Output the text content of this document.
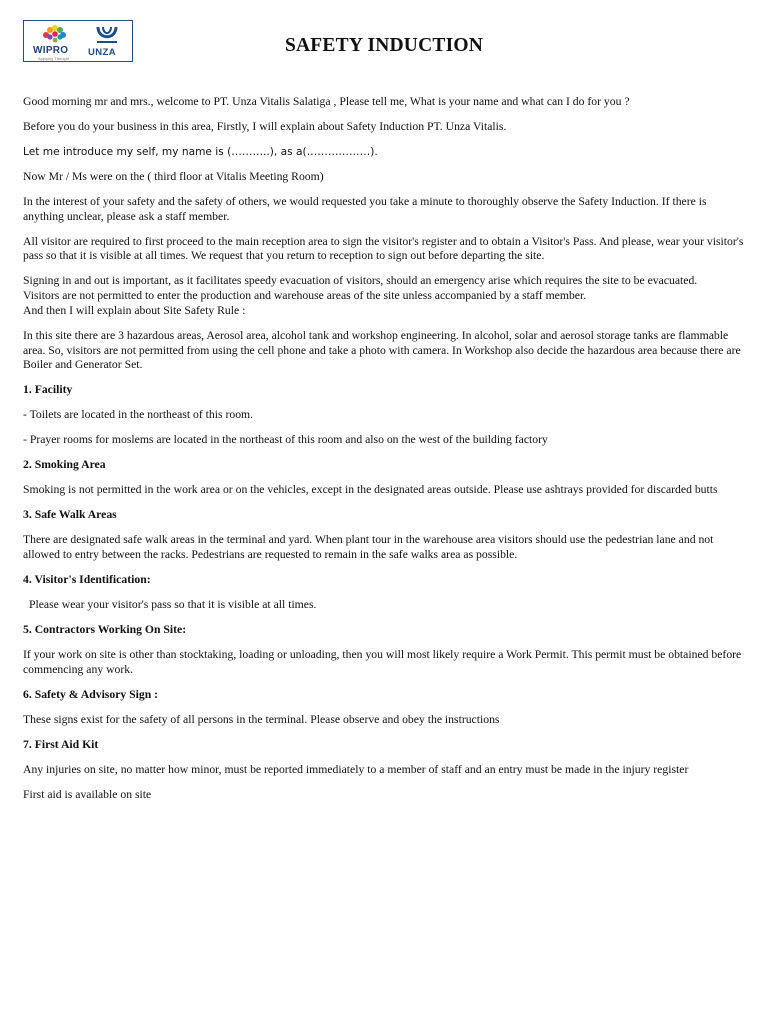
WIPRO
Applying Thought
UNZA	SAFETY INDUCTION

Good morning mr and mrs., welcome to PT. Unza Vitalis Salatiga , Please tell me, What is your name and what can I do for you ?

Before you do your business in this area, Firstly, I will explain about Safety Induction PT. Unza Vitalis.

Let me introduce my self, my name is (………..), as a(………………).

Now Mr / Ms were on the ( third floor at Vitalis Meeting Room)

In the interest of your safety and the safety of others, we would requested you take a minute to thoroughly observe the Safety Induction. If there is anything unclear, please ask a staff member.

All visitor are required to first proceed to the main reception area to sign the visitor's register and to obtain a Visitor's Pass. And please, wear your visitor's pass so that it is visible at all times. We request that you return to reception to sign out before departing the site.

Signing in and out is important, as it facilitates speedy evacuation of visitors, should an emergency arise which requires the site to be evacuated.

Visitors are not permitted to enter the production and warehouse areas of the site unless accompanied by a staff member.

And then I will explain about Site Safety Rule :

In this site there are 3 hazardous areas, Aerosol area, alcohol tank and workshop engineering. In alcohol, solar and aerosol storage tanks are flammable area. So, visitors are not permitted from using the cell phone and take a photo with camera. In Workshop also decide the hazardous area because there are Boiler and Generator Set.

1. Facility

- Toilets are located in the northeast of this room.

- Prayer rooms for moslems are located in the northeast of this room and also on the west of the building factory

2. Smoking Area

Smoking is not permitted in the work area or on the vehicles, except in the designated areas outside. Please use ashtrays provided for discarded butts

3. Safe Walk Areas

There are designated safe walk areas in the terminal and yard. When plant tour in the warehouse area visitors should use the pedestrian lane and not allowed to entry between the racks. Pedestrians are requested to remain in the safe walks area as possible.

4. Visitor's Identification:

Please wear your visitor's pass so that it is visible at all times.

5. Contractors Working On Site:

If your work on site is other than stocktaking, loading or unloading, then you will most likely require a Work Permit. This permit must be obtained before commencing any work.

6. Safety & Advisory Sign :

These signs exist for the safety of all persons in the terminal. Please observe and obey the instructions

7. First Aid Kit

Any injuries on site, no matter how minor, must be reported immediately to a member of staff and an entry must be made in the injury register

First aid is available on site
